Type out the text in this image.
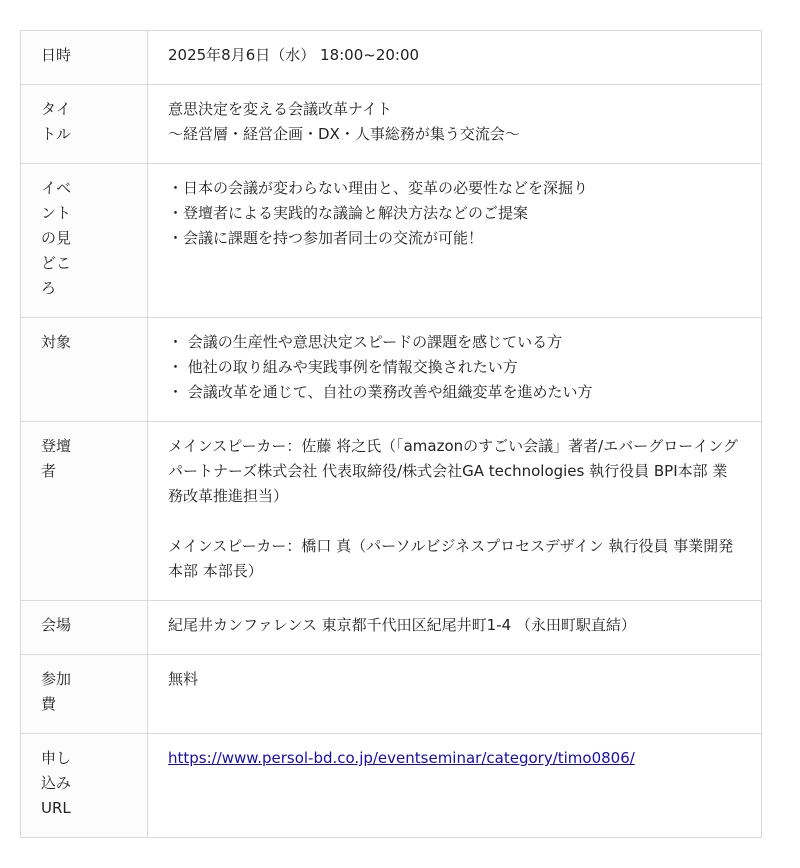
日時	2025年8月6日（水） 18:00~20:00

タイトル	意思決定を変える会議改革ナイト
〜経営層・経営企画・DX・人事総務が集う交流会〜

イベントの見どころ	・日本の会議が変わらない理由と、変革の必要性などを深掘り
・登壇者による実践的な議論と解決方法などのご提案
・会議に課題を持つ参加者同士の交流が可能！

対象	・ 会議の生産性や意思決定スピードの課題を感じている方
・ 他社の取り組みや実践事例を情報交換されたい方
・ 会議改革を通じて、自社の業務改善や組織変革を進めたい方

登壇者	メインスピーカー：佐藤 将之氏（「amazonのすごい会議」著者/エバーグローイングパートナーズ株式会社 代表取締役/株式会社GA technologies 執行役員 BPI本部 業務改革推進担当）
メインスピーカー：橋口 真（パーソルビジネスプロセスデザイン 執行役員 事業開発本部 本部長）

会場	紀尾井カンファレンス 東京都千代田区紀尾井町1-4 （永田町駅直結）

参加費	無料

申し込みURL	https://www.persol-bd.co.jp/eventseminar/category/timo0806/
